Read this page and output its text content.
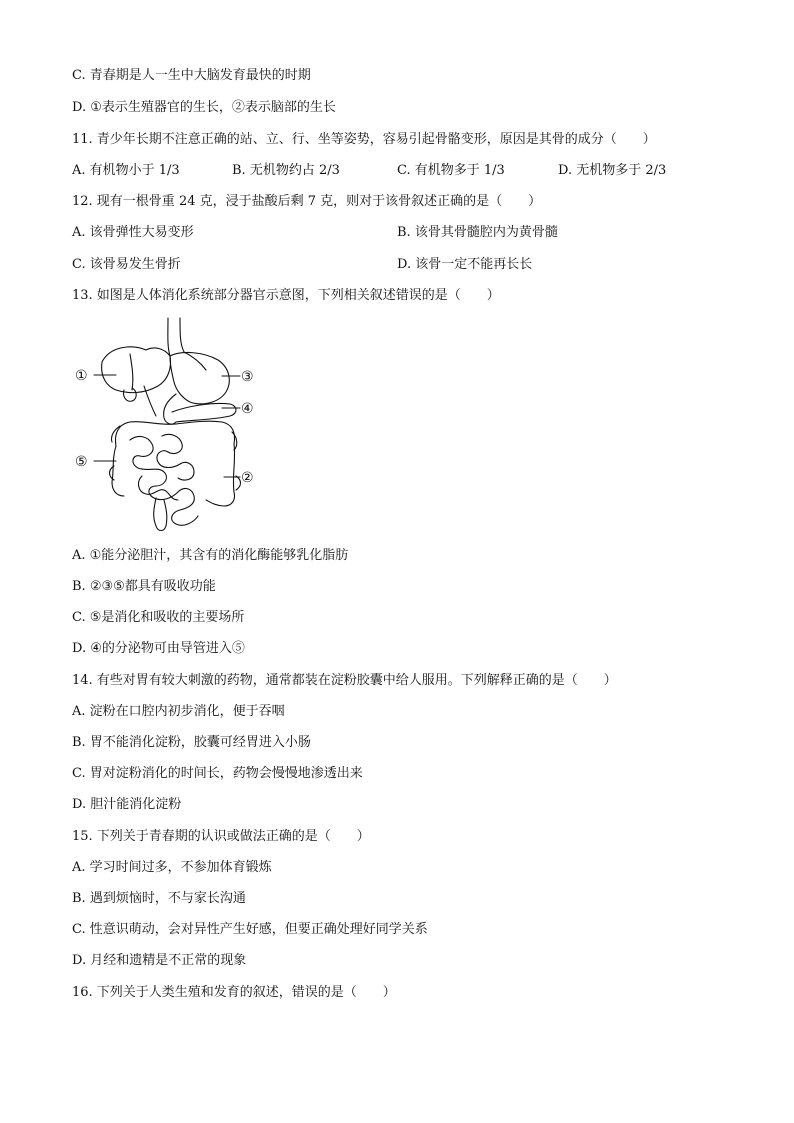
C. 青春期是人一生中大脑发育最快的时期
D. ①表示生殖器官的生长，②表示脑部的生长
11. 青少年长期不注意正确的站、立、行、坐等姿势，容易引起骨骼变形，原因是其骨的成分（　　）
A. 有机物小于 1/3	B. 无机物约占 2/3	C. 有机物多于 1/3	D. 无机物多于 2/3
12. 现有一根骨重 24 克，浸于盐酸后剩 7 克，则对于该骨叙述正确的是（　　）
A. 该骨弹性大易变形	B. 该骨其骨髓腔内为黄骨髓
C. 该骨易发生骨折	D. 该骨一定不能再长长
13. 如图是人体消化系统部分器官示意图，下列相关叙述错误的是（　　）
①	③
④
⑤
②
A. ①能分泌胆汁，其含有的消化酶能够乳化脂肪
B. ②③⑤都具有吸收功能
C. ⑤是消化和吸收的主要场所
D. ④的分泌物可由导管进入⑤
14. 有些对胃有较大刺激的药物，通常都装在淀粉胶囊中给人服用。下列解释正确的是（　　）
A. 淀粉在口腔内初步消化，便于吞咽
B. 胃不能消化淀粉，胶囊可经胃进入小肠
C. 胃对淀粉消化的时间长，药物会慢慢地渗透出来
D. 胆汁能消化淀粉
15. 下列关于青春期的认识或做法正确的是（　　）
A. 学习时间过多，不参加体育锻炼
B. 遇到烦恼时，不与家长沟通
C. 性意识萌动，会对异性产生好感，但要正确处理好同学关系
D. 月经和遗精是不正常的现象
16. 下列关于人类生殖和发育的叙述，错误的是（　　）
